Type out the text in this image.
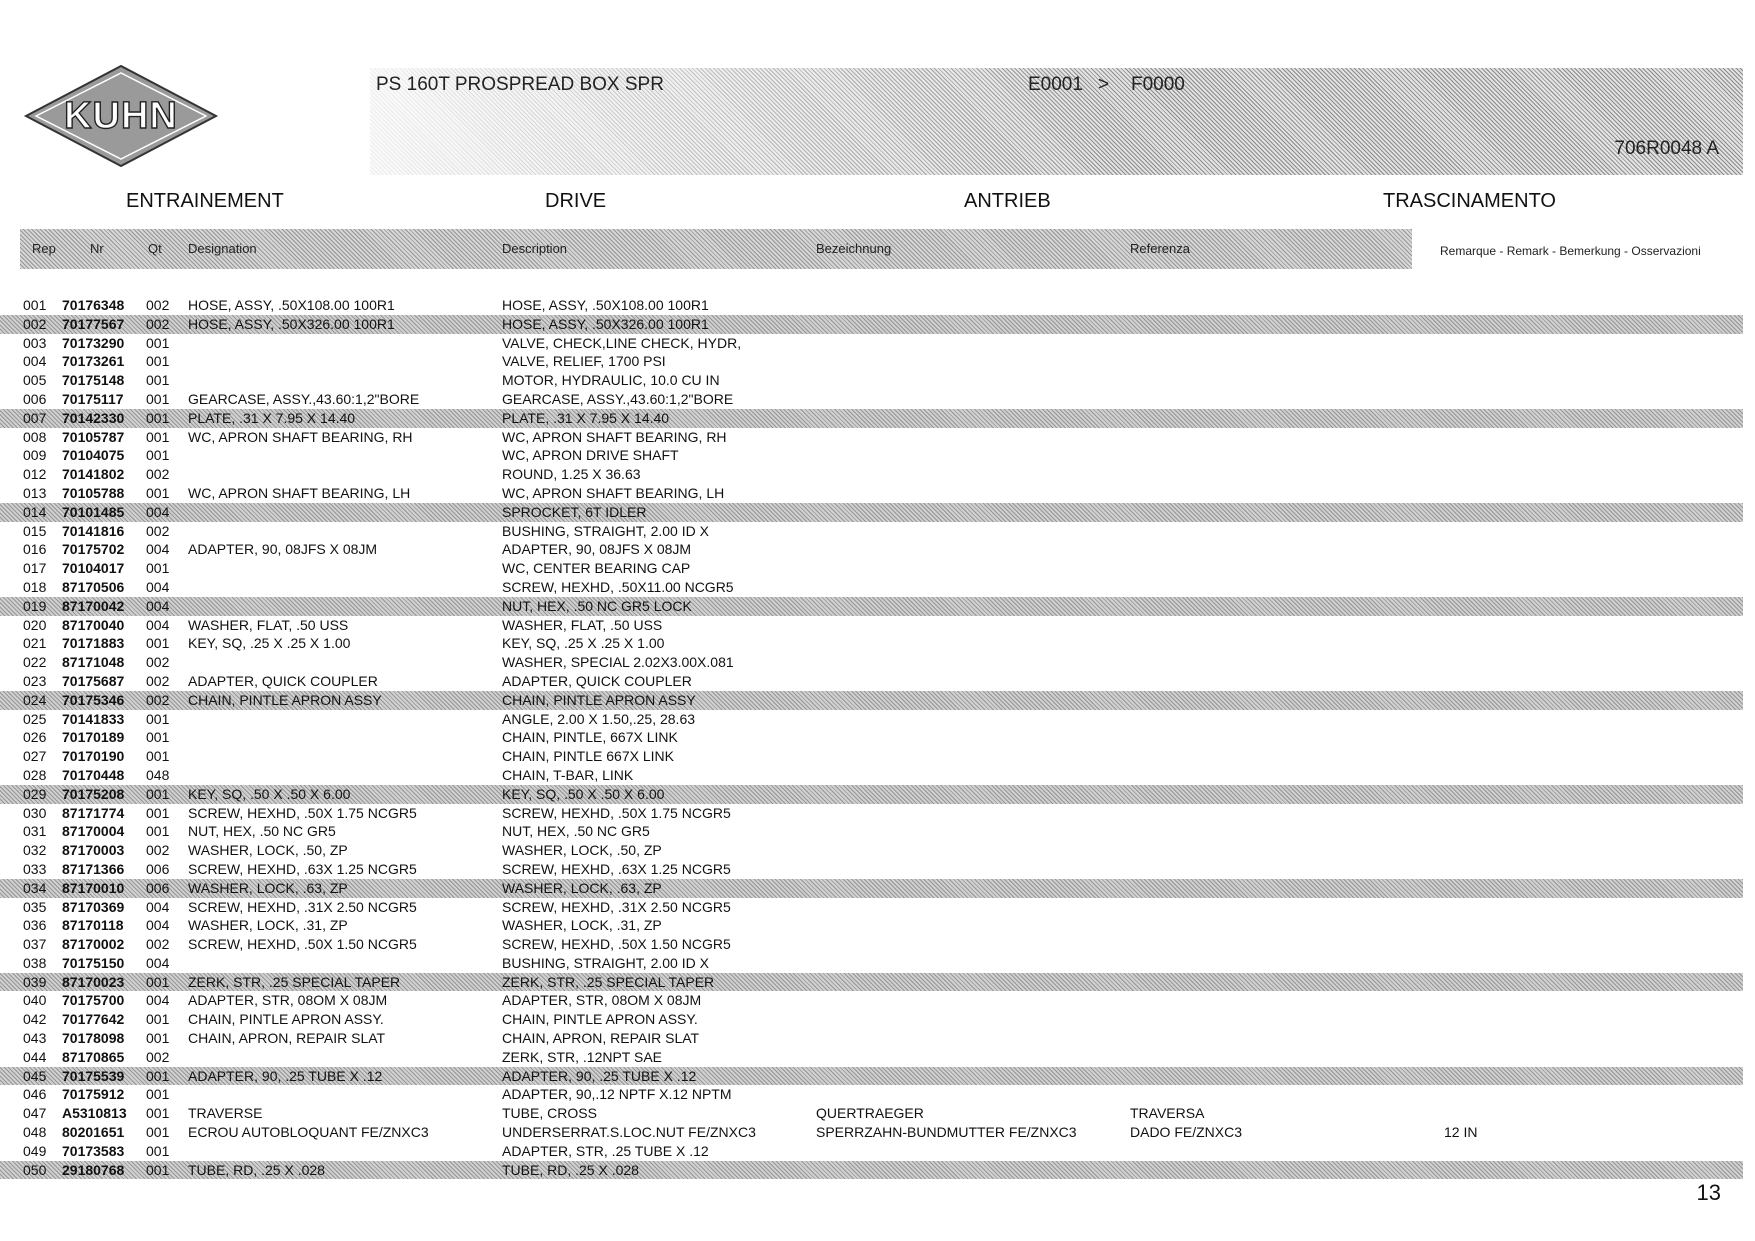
KUHN
PS 160T PROSPREAD BOX SPR	E0001 > F0000
706R0048 A
ENTRAINEMENT	DRIVE	ANTRIEB	TRASCINAMENTO
Rep	Nr	Qt Designation	Description	Bezeichnung	Referenza	Remarque - Remark - Bemerkung - Osservazioni
001 70176348 002 HOSE, ASSY, .50X108.00 100R1	HOSE, ASSY, .50X108.00 100R1
002 70177567 002 HOSE, ASSY, .50X326.00 100R1	HOSE, ASSY, .50X326.00 100R1
003 70173290 001	VALVE, CHECK,LINE CHECK, HYDR,
004 70173261 001	VALVE, RELIEF, 1700 PSI
005 70175148 001	MOTOR, HYDRAULIC, 10.0 CU IN
006 70175117 001 GEARCASE, ASSY.,43.60:1,2"BORE	GEARCASE, ASSY.,43.60:1,2"BORE
007 70142330 001 PLATE, .31 X 7.95 X 14.40	PLATE, .31 X 7.95 X 14.40
008 70105787 001 WC, APRON SHAFT BEARING, RH	WC, APRON SHAFT BEARING, RH
009 70104075 001	WC, APRON DRIVE SHAFT
012 70141802 002	ROUND, 1.25 X 36.63
013 70105788 001 WC, APRON SHAFT BEARING, LH	WC, APRON SHAFT BEARING, LH
014 70101485 004	SPROCKET, 6T IDLER
015 70141816 002	BUSHING, STRAIGHT, 2.00 ID X
016 70175702 004 ADAPTER, 90, 08JFS X 08JM	ADAPTER, 90, 08JFS X 08JM
017 70104017 001	WC, CENTER BEARING CAP
018 87170506 004	SCREW, HEXHD, .50X11.00 NCGR5
019 87170042 004	NUT, HEX, .50 NC GR5 LOCK
020 87170040 004 WASHER, FLAT, .50 USS	WASHER, FLAT, .50 USS
021 70171883 001 KEY, SQ, .25 X .25 X 1.00	KEY, SQ, .25 X .25 X 1.00
022 87171048 002	WASHER, SPECIAL 2.02X3.00X.081
023 70175687 002 ADAPTER, QUICK COUPLER	ADAPTER, QUICK COUPLER
024 70175346 002 CHAIN, PINTLE APRON ASSY	CHAIN, PINTLE APRON ASSY
025 70141833 001	ANGLE, 2.00 X 1.50,.25, 28.63
026 70170189 001	CHAIN, PINTLE, 667X LINK
027 70170190 001	CHAIN, PINTLE 667X LINK
028 70170448 048	CHAIN, T-BAR, LINK
029 70175208 001 KEY, SQ, .50 X .50 X 6.00	KEY, SQ, .50 X .50 X 6.00
030 87171774 001 SCREW, HEXHD, .50X 1.75 NCGR5	SCREW, HEXHD, .50X 1.75 NCGR5
031 87170004 001 NUT, HEX, .50 NC GR5	NUT, HEX, .50 NC GR5
032 87170003 002 WASHER, LOCK, .50, ZP	WASHER, LOCK, .50, ZP
033 87171366 006 SCREW, HEXHD, .63X 1.25 NCGR5	SCREW, HEXHD, .63X 1.25 NCGR5
034 87170010 006 WASHER, LOCK, .63, ZP	WASHER, LOCK, .63, ZP
035 87170369 004 SCREW, HEXHD, .31X 2.50 NCGR5	SCREW, HEXHD, .31X 2.50 NCGR5
036 87170118 004 WASHER, LOCK, .31, ZP	WASHER, LOCK, .31, ZP
037 87170002 002 SCREW, HEXHD, .50X 1.50 NCGR5	SCREW, HEXHD, .50X 1.50 NCGR5
038 70175150 004	BUSHING, STRAIGHT, 2.00 ID X
039 87170023 001 ZERK, STR, .25 SPECIAL TAPER	ZERK, STR, .25 SPECIAL TAPER
040 70175700 004 ADAPTER, STR, 08OM X 08JM	ADAPTER, STR, 08OM X 08JM
042 70177642 001 CHAIN, PINTLE APRON ASSY.	CHAIN, PINTLE APRON ASSY.
043 70178098 001 CHAIN, APRON, REPAIR SLAT	CHAIN, APRON, REPAIR SLAT
044 87170865 002	ZERK, STR, .12NPT SAE
045 70175539 001 ADAPTER, 90, .25 TUBE X .12	ADAPTER, 90, .25 TUBE X .12
046 70175912 001	ADAPTER, 90,.12 NPTF X.12 NPTM
047 A5310813 001 TRAVERSE	TUBE, CROSS	QUERTRAEGER	TRAVERSA
048 80201651 001 ECROU AUTOBLOQUANT FE/ZNXC3	UNDERSERRAT.S.LOC.NUT FE/ZNXC3	SPERRZAHN-BUNDMUTTER FE/ZNXC3	DADO FE/ZNXC3	12 IN
049 70173583 001	ADAPTER, STR, .25 TUBE X .12
050 29180768 001 TUBE, RD, .25 X .028	TUBE, RD, .25 X .028
13
